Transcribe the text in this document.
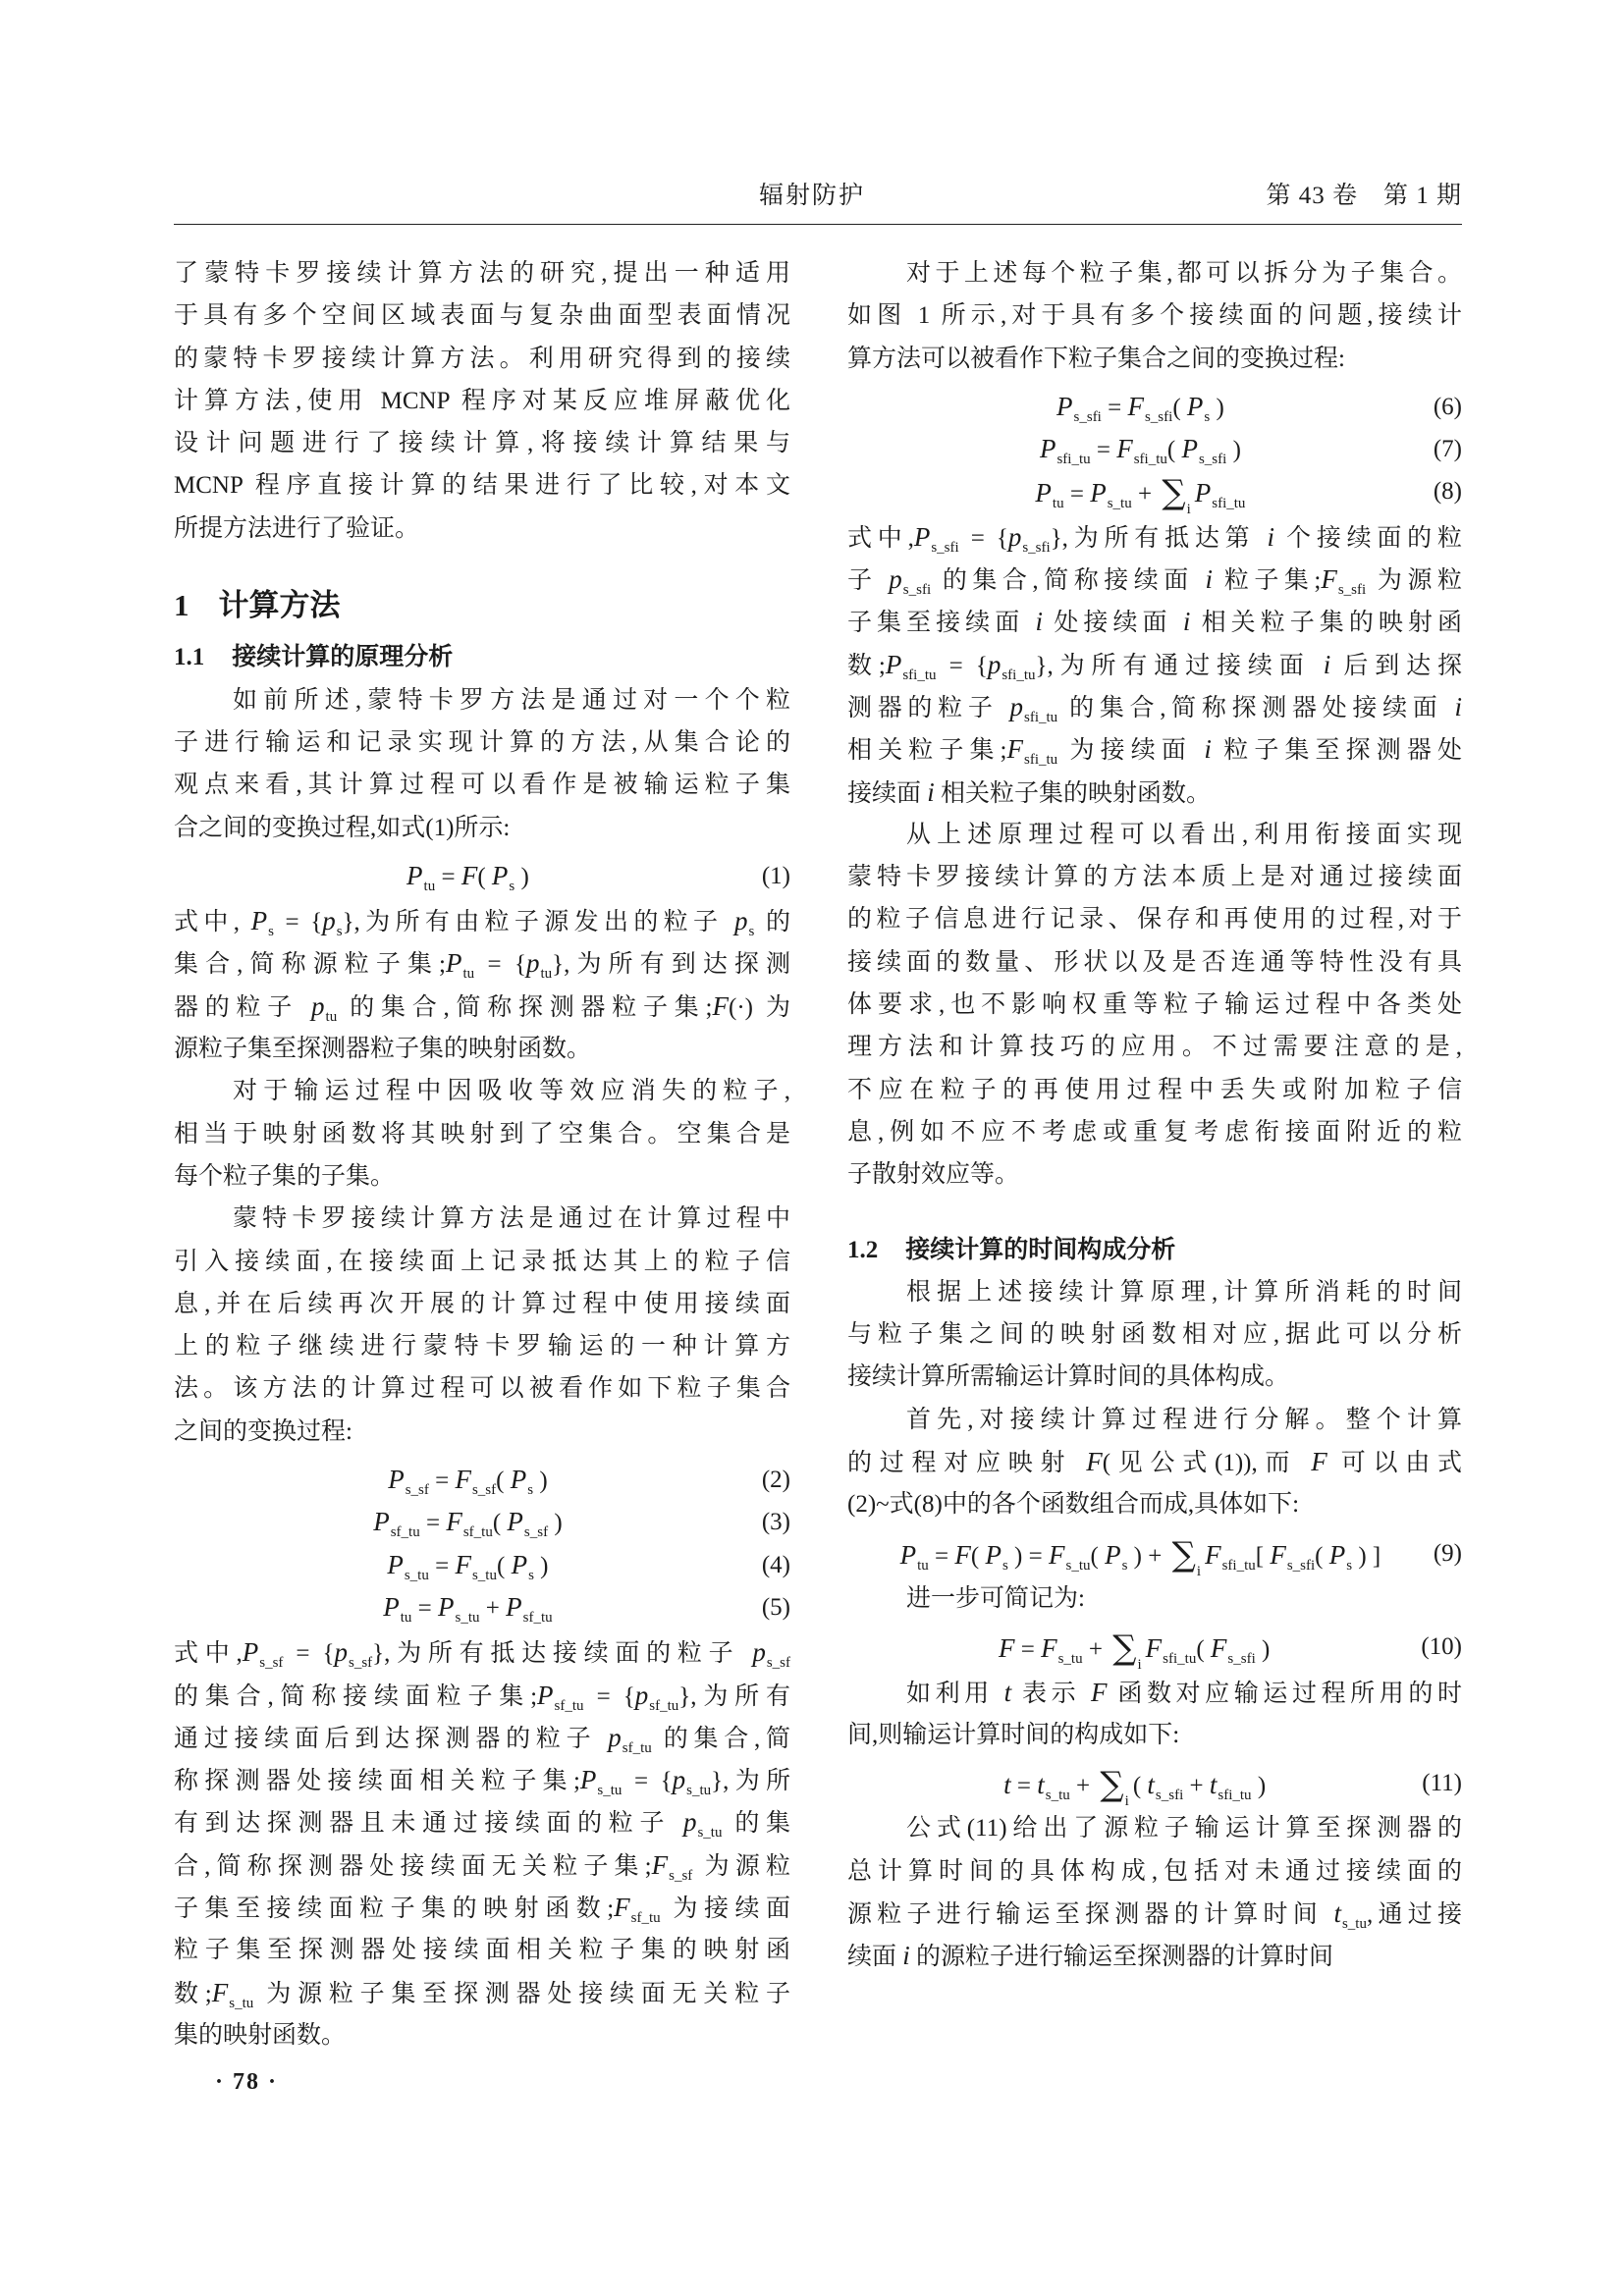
辐射防护	第 43 卷　第 1 期
了蒙特卡罗接续计算方法的研究,提出一种适用
于具有多个空间区域表面与复杂曲面型表面情况
的蒙特卡罗接续计算方法。利用研究得到的接续
计算方法,使用 MCNP 程序对某反应堆屏蔽优化
设计问题进行了接续计算,将接续计算结果与
MCNP 程序直接计算的结果进行了比较,对本文
所提方法进行了验证。
1 计算方法
1.1 接续计算的原理分析
如前所述,蒙特卡罗方法是通过对一个个粒
子进行输运和记录实现计算的方法,从集合论的
观点来看,其计算过程可以看作是被输运粒子集
合之间的变换过程,如式(1)所示:
$P_{tu} = F$( $P_s$ )	(1)
式中, $P_s = \{p_s\}$,为所有由粒子源发出的粒子 $p_s$ 的
集合,简称源粒子集$;P_{tu} = \{p_{tu}\}$,为所有到达探测
器的粒子 $p_{tu}$ 的集合,简称探测器粒子集;F(·) 为
源粒子集至探测器粒子集的映射函数。
对于输运过程中因吸收等效应消失的粒子,
相当于映射函数将其映射到了空集合。空集合是
每个粒子集的子集。
蒙特卡罗接续计算方法是通过在计算过程中
引入接续面,在接续面上记录抵达其上的粒子信
息,并在后续再次开展的计算过程中使用接续面
上的粒子继续进行蒙特卡罗输运的一种计算方
法。该方法的计算过程可以被看作如下粒子集合
之间的变换过程:
$P_{s\_sf} = F_{s\_sf}$( $P_s$ )	(2)
$P_{sf\_tu} = F_{sf\_tu}$( $P_{s\_sf}$ )	(3)
$P_{s\_tu} = F_{s\_tu}$( $P_s$ )	(4)
$P_{tu} = P_{s\_tu} + P_{sf\_tu}$	(5)
式中$,P_{s\_sf} = \{p_{s\_sf}\}$,为所有抵达接续面的粒子 $p_{s\_sf}$
的集合,简称接续面粒子集$;P_{sf\_tu} = \{p_{sf\_tu}\}$,为所有
通过接续面后到达探测器的粒子 $p_{sf\_tu}$ 的集合,简
称探测器处接续面相关粒子集$;P_{s\_tu} = \{p_{s\_tu}\}$,为所
有到达探测器且未通过接续面的粒子 $p_{s\_tu}$ 的集
合,简称探测器处接续面无关粒子集$;F_{s\_sf}$ 为源粒
子集至接续面粒子集的映射函数$;F_{sf\_tu}$ 为接续面
粒子集至探测器处接续面相关粒子集的映射函
数$;F_{s\_tu}$ 为源粒子集至探测器处接续面无关粒子
集的映射函数。
对于上述每个粒子集,都可以拆分为子集合。
如图 1 所示,对于具有多个接续面的问题,接续计
算方法可以被看作下粒子集合之间的变换过程:
$P_{s\_sfi} = F_{s\_sfi}$( $P_s$ )	(6)
$P_{sfi\_tu} = F_{sfi\_tu}$( $P_{s\_sfi}$ )	(7)
$P_{tu} = P_{s\_tu} + \sum_iP_{sfi\_tu}$	(8)
式中$,P_{s\_sfi} = \{p_{s\_sfi}\}$,为所有抵达第 i 个接续面的粒
子 $p_{s\_sfi}$ 的集合,简称接续面 i 粒子集$;F_{s\_sfi}$ 为源粒
子集至接续面 i 处接续面 i 相关粒子集的映射函
数$;P_{sfi\_tu} = \{p_{sfi\_tu}\}$,为所有通过接续面 i 后到达探
测器的粒子 $p_{sfi\_tu}$ 的集合,简称探测器处接续面 i
相关粒子集$;F_{sfi\_tu}$ 为接续面 i 粒子集至探测器处
接续面 i 相关粒子集的映射函数。
从上述原理过程可以看出,利用衔接面实现
蒙特卡罗接续计算的方法本质上是对通过接续面
的粒子信息进行记录、保存和再使用的过程,对于
接续面的数量、形状以及是否连通等特性没有具
体要求,也不影响权重等粒子输运过程中各类处
理方法和计算技巧的应用。不过需要注意的是,
不应在粒子的再使用过程中丢失或附加粒子信
息,例如不应不考虑或重复考虑衔接面附近的粒
子散射效应等。
1.2 接续计算的时间构成分析
根据上述接续计算原理,计算所消耗的时间
与粒子集之间的映射函数相对应,据此可以分析
接续计算所需输运计算时间的具体构成。
首先,对接续计算过程进行分解。整个计算
的过程对应映射 F(见公式(1)),而 F 可以由式
(2)~式(8)中的各个函数组合而成,具体如下:
$P_{tu} = F$( $P_s$ ) = $F_{s\_tu}$( $P_s$ ) + $\sum_iF_{sfi\_tu}$[ $F_{s\_sfi}$( $P_s$ ) ]	(9)
进一步可简记为:
$F = F_{s\_tu} + \sum_iF_{sfi\_tu}$( $F_{s\_sfi}$ )	(10)
如利用 t 表示 F 函数对应输运过程所用的时
间,则输运计算时间的构成如下:
$t = t_{s\_tu} + \sum_i$( $t_{s\_sfi} + t_{sfi\_tu}$ )	(11)
公式(11)给出了源粒子输运计算至探测器的
总计算时间的具体构成,包括对未通过接续面的
源粒子进行输运至探测器的计算时间 $t_{s\_tu}$,通过接
续面 i 的源粒子进行输运至探测器的计算时间
· 78 ·
